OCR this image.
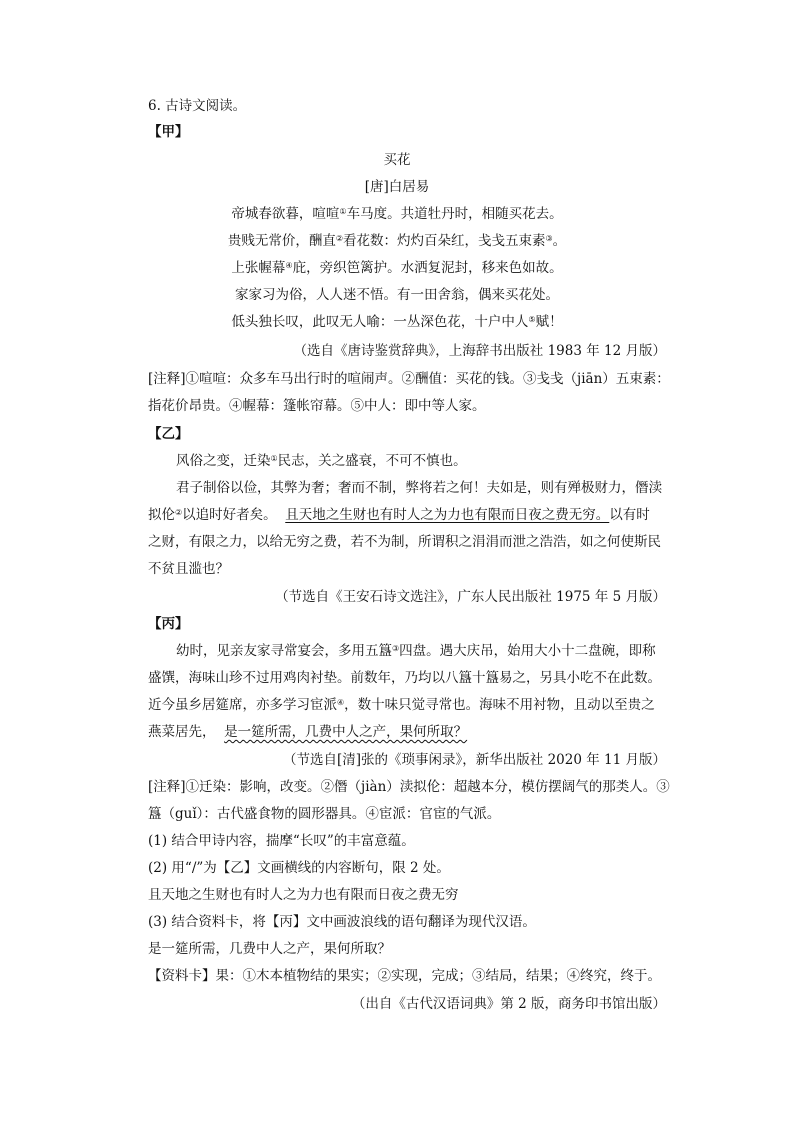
6. 古诗文阅读。
【甲】
买花
[唐]白居易
帝城春欲暮，喧喧①车马度。共道牡丹时，相随买花去。
贵贱无常价，酬直②看花数：灼灼百朵红，戋戋五束素③。
上张幄幕④庇，旁织笆篱护。水洒复泥封，移来色如故。
家家习为俗，人人迷不悟。有一田舍翁，偶来买花处。
低头独长叹，此叹无人喻：一丛深色花，十户中人⑤赋！
（选自《唐诗鉴赏辞典》，上海辞书出版社 1983 年 12 月版）
[注释]①喧喧：众多车马出行时的喧闹声。②酬值：买花的钱。③戋戋（jiān）五束素：
指花价昂贵。④幄幕：篷帐帘幕。⑤中人：即中等人家。
【乙】
风俗之变，迁染①民志，关之盛衰，不可不慎也。
君子制俗以俭，其弊为奢；奢而不制，弊将若之何！夫如是，则有殚极财力，僭渎
拟伦②以追时好者矣。 且天地之生财也有时人之为力也有限而日夜之费无穷。以有时
之财，有限之力，以给无穷之费，若不为制，所谓积之涓涓而泄之浩浩，如之何使斯民
不贫且滥也？
（节选自《王安石诗文选注》，广东人民出版社 1975 年 5 月版）
【丙】
幼时，见亲友家寻常宴会，多用五簋③四盘。遇大庆吊，始用大小十二盘碗，即称
盛馔，海味山珍不过用鸡肉衬垫。前数年，乃均以八簋十簋易之，另具小吃不在此数。
近今虽乡居筵席，亦多学习宦派④，数十味只觉寻常也。海味不用衬物，且动以至贵之
燕菜居先， 是一筵所需，几费中人之产，果何所取？
（节选自[清]张的《琐事闲录》，新华出版社 2020 年 11 月版）
[注释]①迁染：影响，改变。②僭（jiàn）渎拟伦：超越本分，模仿摆阔气的那类人。③
簋（guǐ）：古代盛食物的圆形器具。④宦派：官宦的气派。
(1) 结合甲诗内容，揣摩“长叹”的丰富意蕴。
(2) 用“/”为【乙】文画横线的内容断句，限 2 处。
且天地之生财也有时人之为力也有限而日夜之费无穷
(3) 结合资料卡，将【丙】文中画波浪线的语句翻译为现代汉语。
是一筵所需，几费中人之产，果何所取？
【资料卡】果：①木本植物结的果实；②实现，完成；③结局，结果；④终究，终于。
（出自《古代汉语词典》第 2 版，商务印书馆出版）
